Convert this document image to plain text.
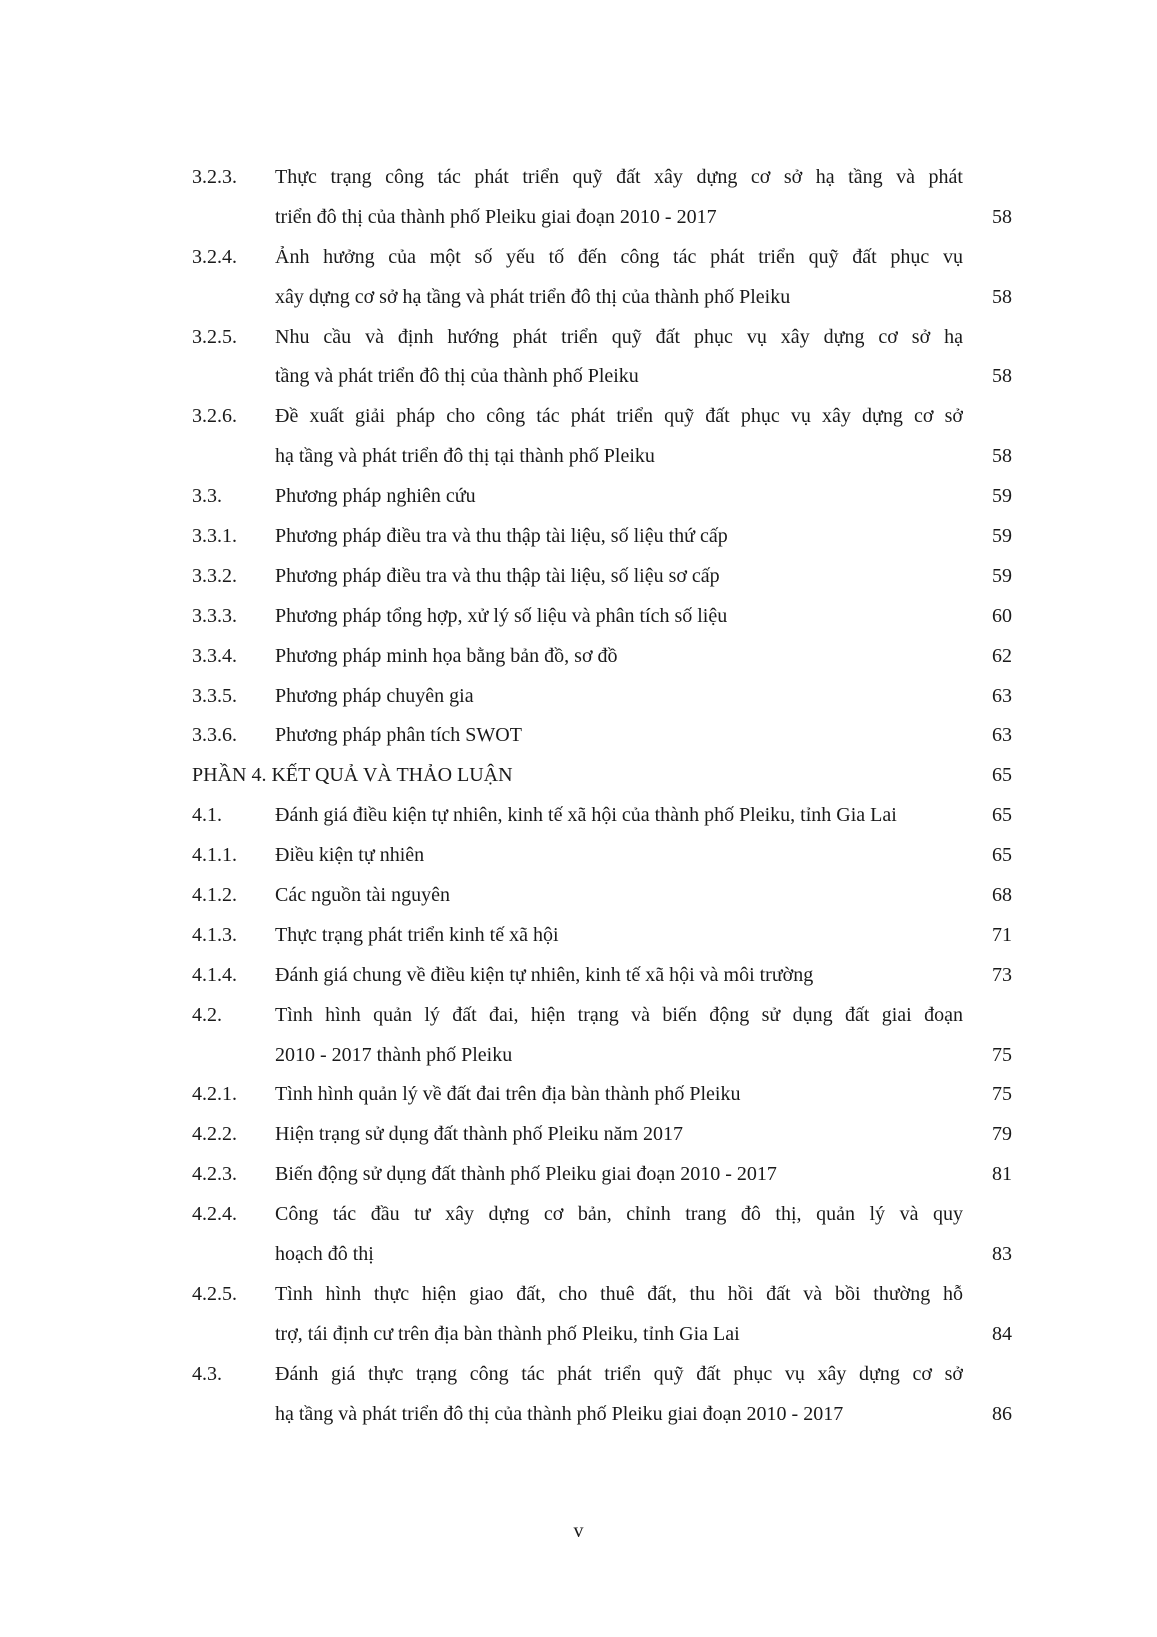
3.2.3. Thực trạng công tác phát triển quỹ đất xây dựng cơ sở hạ tầng và phát
triển đô thị của thành phố Pleiku giai đoạn 2010 - 2017	58
3.2.4. Ảnh hưởng của một số yếu tố đến công tác phát triển quỹ đất phục vụ
xây dựng cơ sở hạ tầng và phát triển đô thị của thành phố Pleiku	58
3.2.5. Nhu cầu và định hướng phát triển quỹ đất phục vụ xây dựng cơ sở hạ
tầng và phát triển đô thị của thành phố Pleiku	58
3.2.6. Đề xuất giải pháp cho công tác phát triển quỹ đất phục vụ xây dựng cơ sở
hạ tầng và phát triển đô thị tại thành phố Pleiku	58
3.3.	Phương pháp nghiên cứu	59
3.3.1. Phương pháp điều tra và thu thập tài liệu, số liệu thứ cấp	59
3.3.2. Phương pháp điều tra và thu thập tài liệu, số liệu sơ cấp	59
3.3.3. Phương pháp tổng hợp, xử lý số liệu và phân tích số liệu	60
3.3.4. Phương pháp minh họa bằng bản đồ, sơ đồ	62
3.3.5. Phương pháp chuyên gia	63
3.3.6. Phương pháp phân tích SWOT	63
PHẦN 4. KẾT QUẢ VÀ THẢO LUẬN	65
4.1.	Đánh giá điều kiện tự nhiên, kinh tế xã hội của thành phố Pleiku, tỉnh Gia Lai	65
4.1.1. Điều kiện tự nhiên	65
4.1.2. Các nguồn tài nguyên	68
4.1.3. Thực trạng phát triển kinh tế xã hội	71
4.1.4. Đánh giá chung về điều kiện tự nhiên, kinh tế xã hội và môi trường	73
4.2.	Tình hình quản lý đất đai, hiện trạng và biến động sử dụng đất giai đoạn
2010 - 2017 thành phố Pleiku	75
4.2.1. Tình hình quản lý về đất đai trên địa bàn thành phố Pleiku	75
4.2.2. Hiện trạng sử dụng đất thành phố Pleiku năm 2017	79
4.2.3. Biến động sử dụng đất thành phố Pleiku giai đoạn 2010 - 2017	81
4.2.4. Công tác đầu tư xây dựng cơ bản, chỉnh trang đô thị, quản lý và quy
hoạch đô thị	83
4.2.5. Tình hình thực hiện giao đất, cho thuê đất, thu hồi đất và bồi thường hỗ
trợ, tái định cư trên địa bàn thành phố Pleiku, tỉnh Gia Lai	84
4.3.	Đánh giá thực trạng công tác phát triển quỹ đất phục vụ xây dựng cơ sở
hạ tầng và phát triển đô thị của thành phố Pleiku giai đoạn 2010 - 2017	86
v
